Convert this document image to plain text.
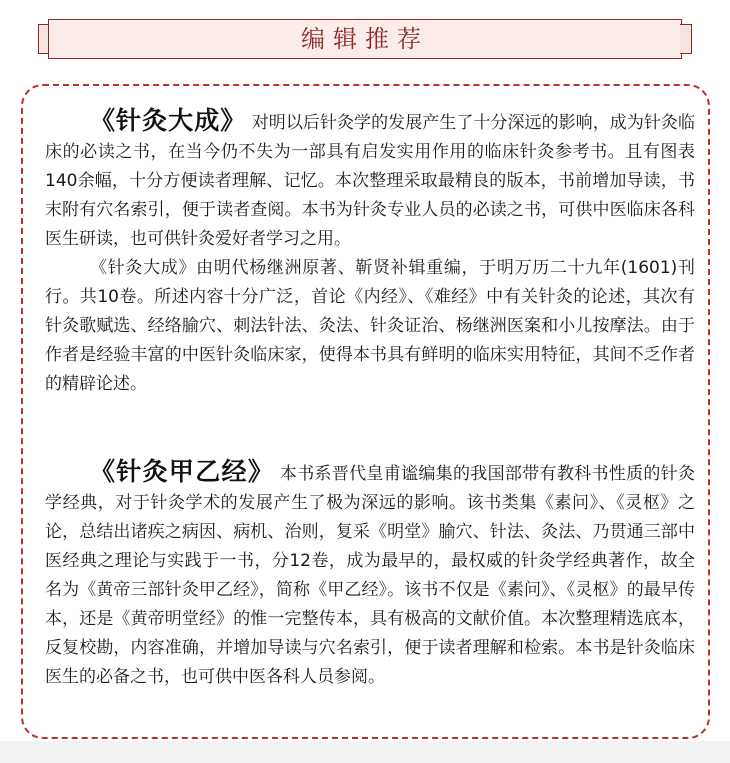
编辑推荐

《针灸大成》 对明以后针灸学的发展产生了十分深远的影响，成为针灸临床的必读之书，在当今仍不失为一部具有启发实用作用的临床针灸参考书。且有图表140余幅，十分方便读者理解、记忆。本次整理采取最精良的版本，书前增加导读，书末附有穴名索引，便于读者查阅。本书为针灸专业人员的必读之书，可供中医临床各科医生研读，也可供针灸爱好者学习之用。

《针灸大成》由明代杨继洲原著、靳贤补辑重编，于明万历二十九年(1601)刊行。共10卷。所述内容十分广泛，首论《内经》、《难经》中有关针灸的论述，其次有针灸歌赋选、经络腧穴、刺法针法、灸法、针灸证治、杨继洲医案和小儿按摩法。由于作者是经验丰富的中医针灸临床家，使得本书具有鲜明的临床实用特征，其间不乏作者的精辟论述。

《针灸甲乙经》 本书系晋代皇甫谧编集的我国部带有教科书性质的针灸学经典，对于针灸学术的发展产生了极为深远的影响。该书类集《素问》、《灵枢》之论，总结出诸疾之病因、病机、治则，复采《明堂》腧穴、针法、灸法、乃贯通三部中医经典之理论与实践于一书，分12卷，成为最早的，最权威的针灸学经典著作，故全名为《黄帝三部针灸甲乙经》，简称《甲乙经》。该书不仅是《素问》、《灵枢》的最早传本，还是《黄帝明堂经》的惟一完整传本，具有极高的文献价值。本次整理精选底本，反复校勘，内容准确，并增加导读与穴名索引，便于读者理解和检索。本书是针灸临床医生的必备之书，也可供中医各科人员参阅。
